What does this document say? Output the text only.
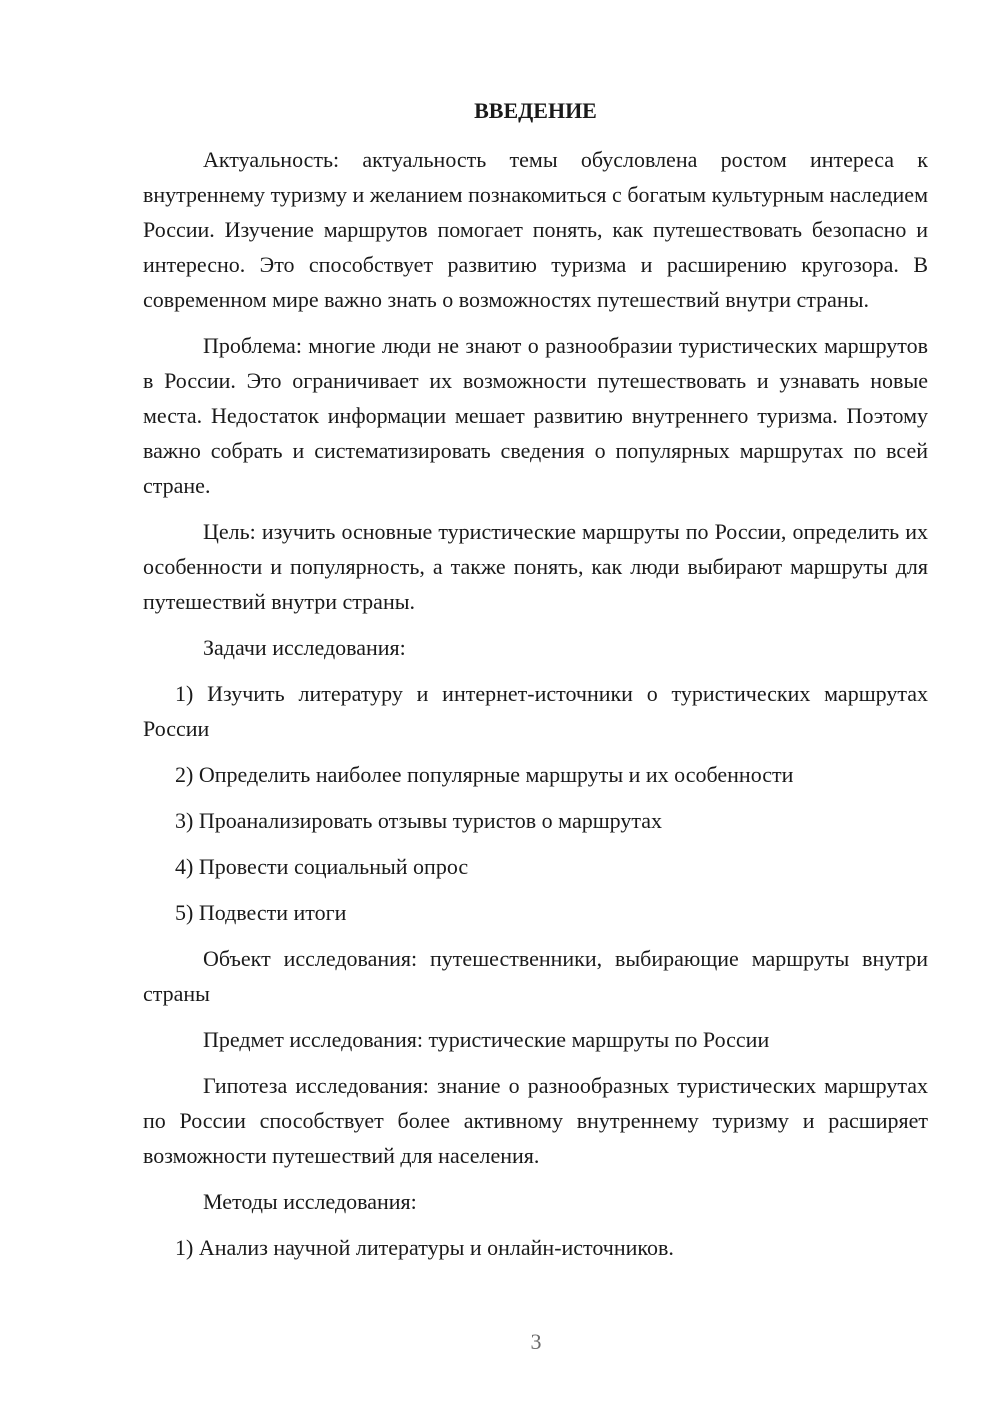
ВВЕДЕНИЕ

Актуальность: актуальность темы обусловлена ростом интереса к внутреннему туризму и желанием познакомиться с богатым культурным наследием России. Изучение маршрутов помогает понять, как путешествовать безопасно и интересно. Это способствует развитию туризма и расширению кругозора. В современном мире важно знать о возможностях путешествий внутри страны.

Проблема: многие люди не знают о разнообразии туристических маршрутов в России. Это ограничивает их возможности путешествовать и узнавать новые места. Недостаток информации мешает развитию внутреннего туризма. Поэтому важно собрать и систематизировать сведения о популярных маршрутах по всей стране.

Цель: изучить основные туристические маршруты по России, определить их особенности и популярность, а также понять, как люди выбирают маршруты для путешествий внутри страны.

Задачи исследования:

1) Изучить литературу и интернет-источники о туристических маршрутах России

2) Определить наиболее популярные маршруты и их особенности

3) Проанализировать отзывы туристов о маршрутах

4) Провести социальный опрос

5) Подвести итоги

Объект исследования: путешественники, выбирающие маршруты внутри страны

Предмет исследования: туристические маршруты по России

Гипотеза исследования: знание о разнообразных туристических маршрутах по России способствует более активному внутреннему туризму и расширяет возможности путешествий для населения.

Методы исследования:

1) Анализ научной литературы и онлайн-источников.

3
